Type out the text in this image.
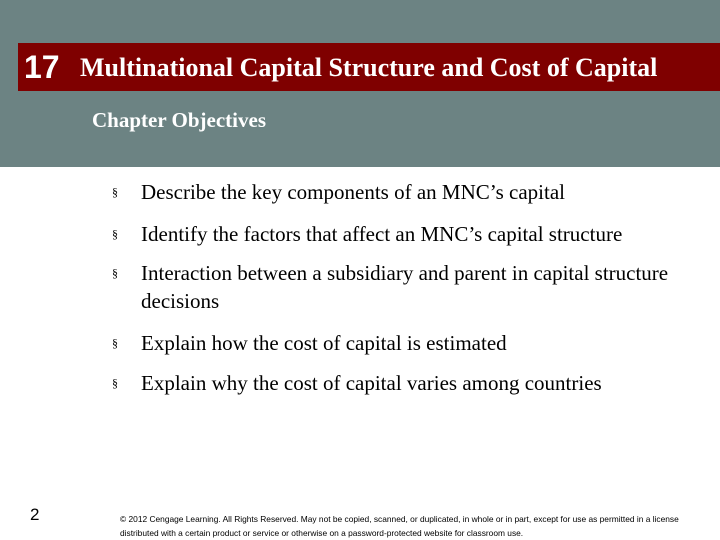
17 Multinational Capital Structure and Cost of Capital
Chapter Objectives
§ Describe the key components of an MNC’s capital
§ Identify the factors that affect an MNC’s capital structure
§ Interaction between a subsidiary and parent in capital structure decisions
§ Explain how the cost of capital is estimated
§ Explain why the cost of capital varies among countries
2	© 2012 Cengage Learning. All Rights Reserved. May not be copied, scanned, or duplicated, in whole or in part, except for use as permitted in a license distributed with a certain product or service or otherwise on a password-protected website for classroom use.
